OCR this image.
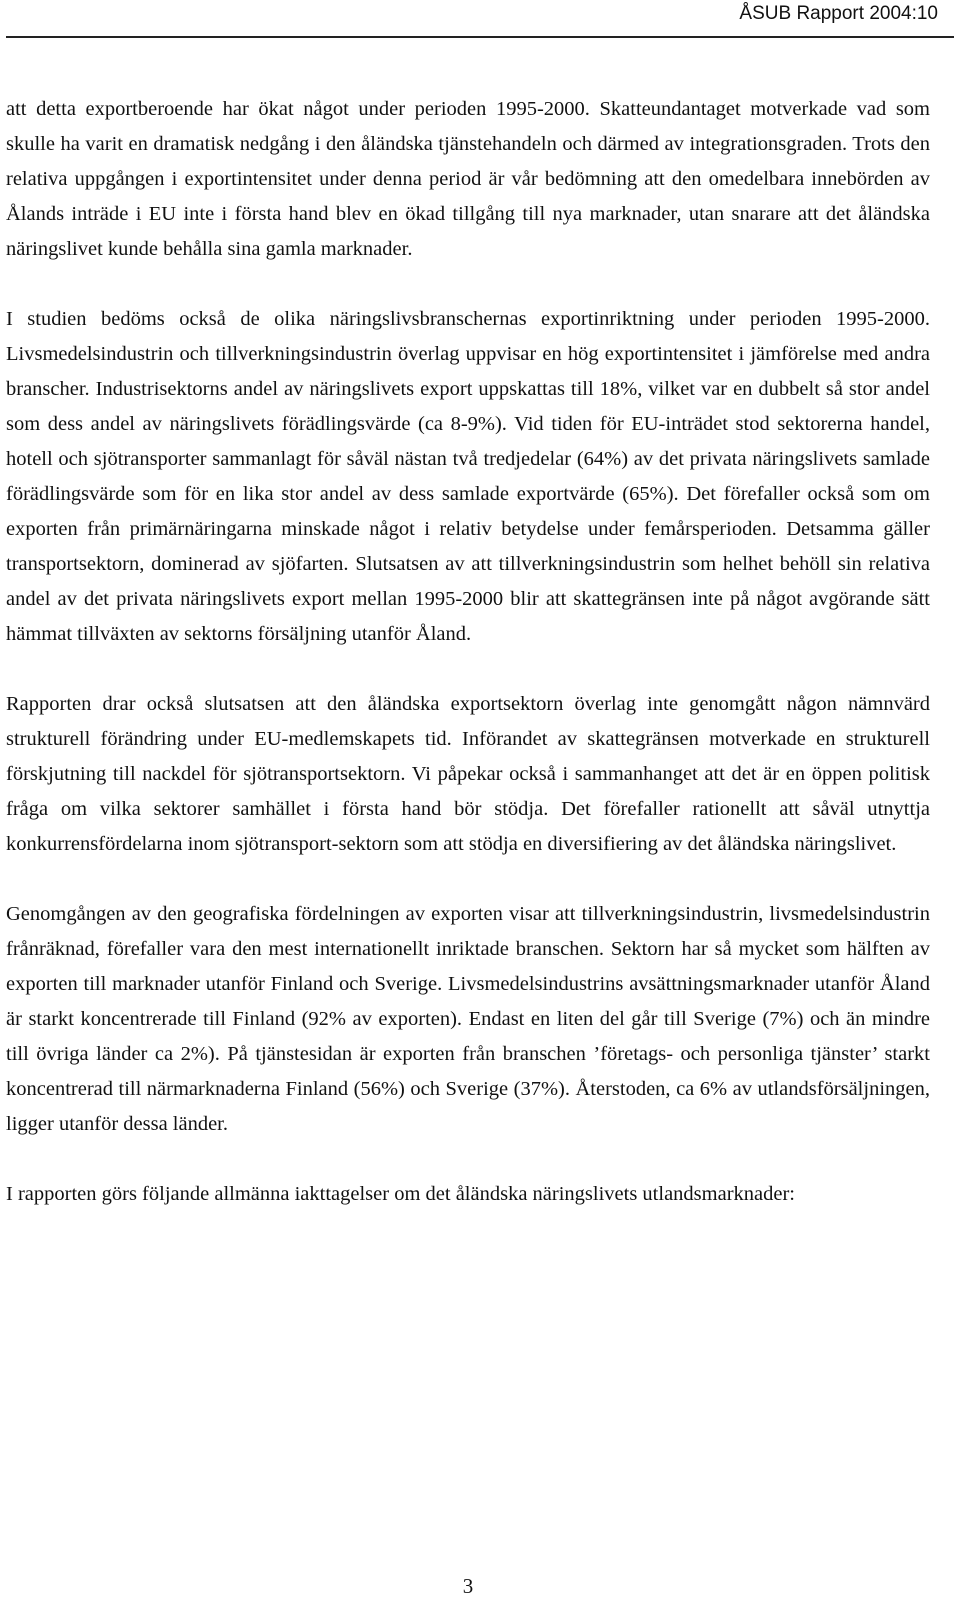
ÅSUB Rapport 2004:10

att detta exportberoende har ökat något under perioden 1995-2000. Skatteundantaget motverkade vad som skulle ha varit en dramatisk nedgång i den åländska tjänstehandeln och därmed av integrationsgraden. Trots den relativa uppgången i exportintensitet under denna period är vår bedömning att den omedelbara innebörden av Ålands inträde i EU inte i första hand blev en ökad tillgång till nya marknader, utan snarare att det åländska näringslivet kunde behålla sina gamla marknader.

I studien bedöms också de olika näringslivsbranschernas exportinriktning under perioden 1995-2000. Livsmedelsindustrin och tillverkningsindustrin överlag uppvisar en hög exportintensitet i jämförelse med andra branscher. Industrisektorns andel av näringslivets export uppskattas till 18%, vilket var en dubbelt så stor andel som dess andel av näringslivets förädlingsvärde (ca 8-9%). Vid tiden för EU-inträdet stod sektorerna handel, hotell och sjötransporter sammanlagt för såväl nästan två tredjedelar (64%) av det privata näringslivets samlade förädlingsvärde som för en lika stor andel av dess samlade exportvärde (65%). Det förefaller också som om exporten från primärnäringarna minskade något i relativ betydelse under femårsperioden. Detsamma gäller transportsektorn, dominerad av sjöfarten. Slutsatsen av att tillverkningsindustrin som helhet behöll sin relativa andel av det privata näringslivets export mellan 1995-2000 blir att skattegränsen inte på något avgörande sätt hämmat tillväxten av sektorns försäljning utanför Åland.

Rapporten drar också slutsatsen att den åländska exportsektorn överlag inte genomgått någon nämnvärd strukturell förändring under EU-medlemskapets tid. Införandet av skattegränsen motverkade en strukturell förskjutning till nackdel för sjötransportsektorn. Vi påpekar också i sammanhanget att det är en öppen politisk fråga om vilka sektorer samhället i första hand bör stödja. Det förefaller rationellt att såväl utnyttja konkurrensfördelarna inom sjötransport-sektorn som att stödja en diversifiering av det åländska näringslivet.

Genomgången av den geografiska fördelningen av exporten visar att tillverkningsindustrin, livsmedelsindustrin frånräknad, förefaller vara den mest internationellt inriktade branschen. Sektorn har så mycket som hälften av exporten till marknader utanför Finland och Sverige. Livsmedelsindustrins avsättningsmarknader utanför Åland är starkt koncentrerade till Finland (92% av exporten). Endast en liten del går till Sverige (7%) och än mindre till övriga länder ca 2%). På tjänstesidan är exporten från branschen ’företags- och personliga tjänster’ starkt koncentrerad till närmarknaderna Finland (56%) och Sverige (37%). Återstoden, ca 6% av utlandsförsäljningen, ligger utanför dessa länder.

I rapporten görs följande allmänna iakttagelser om det åländska näringslivets utlandsmarknader:

3
